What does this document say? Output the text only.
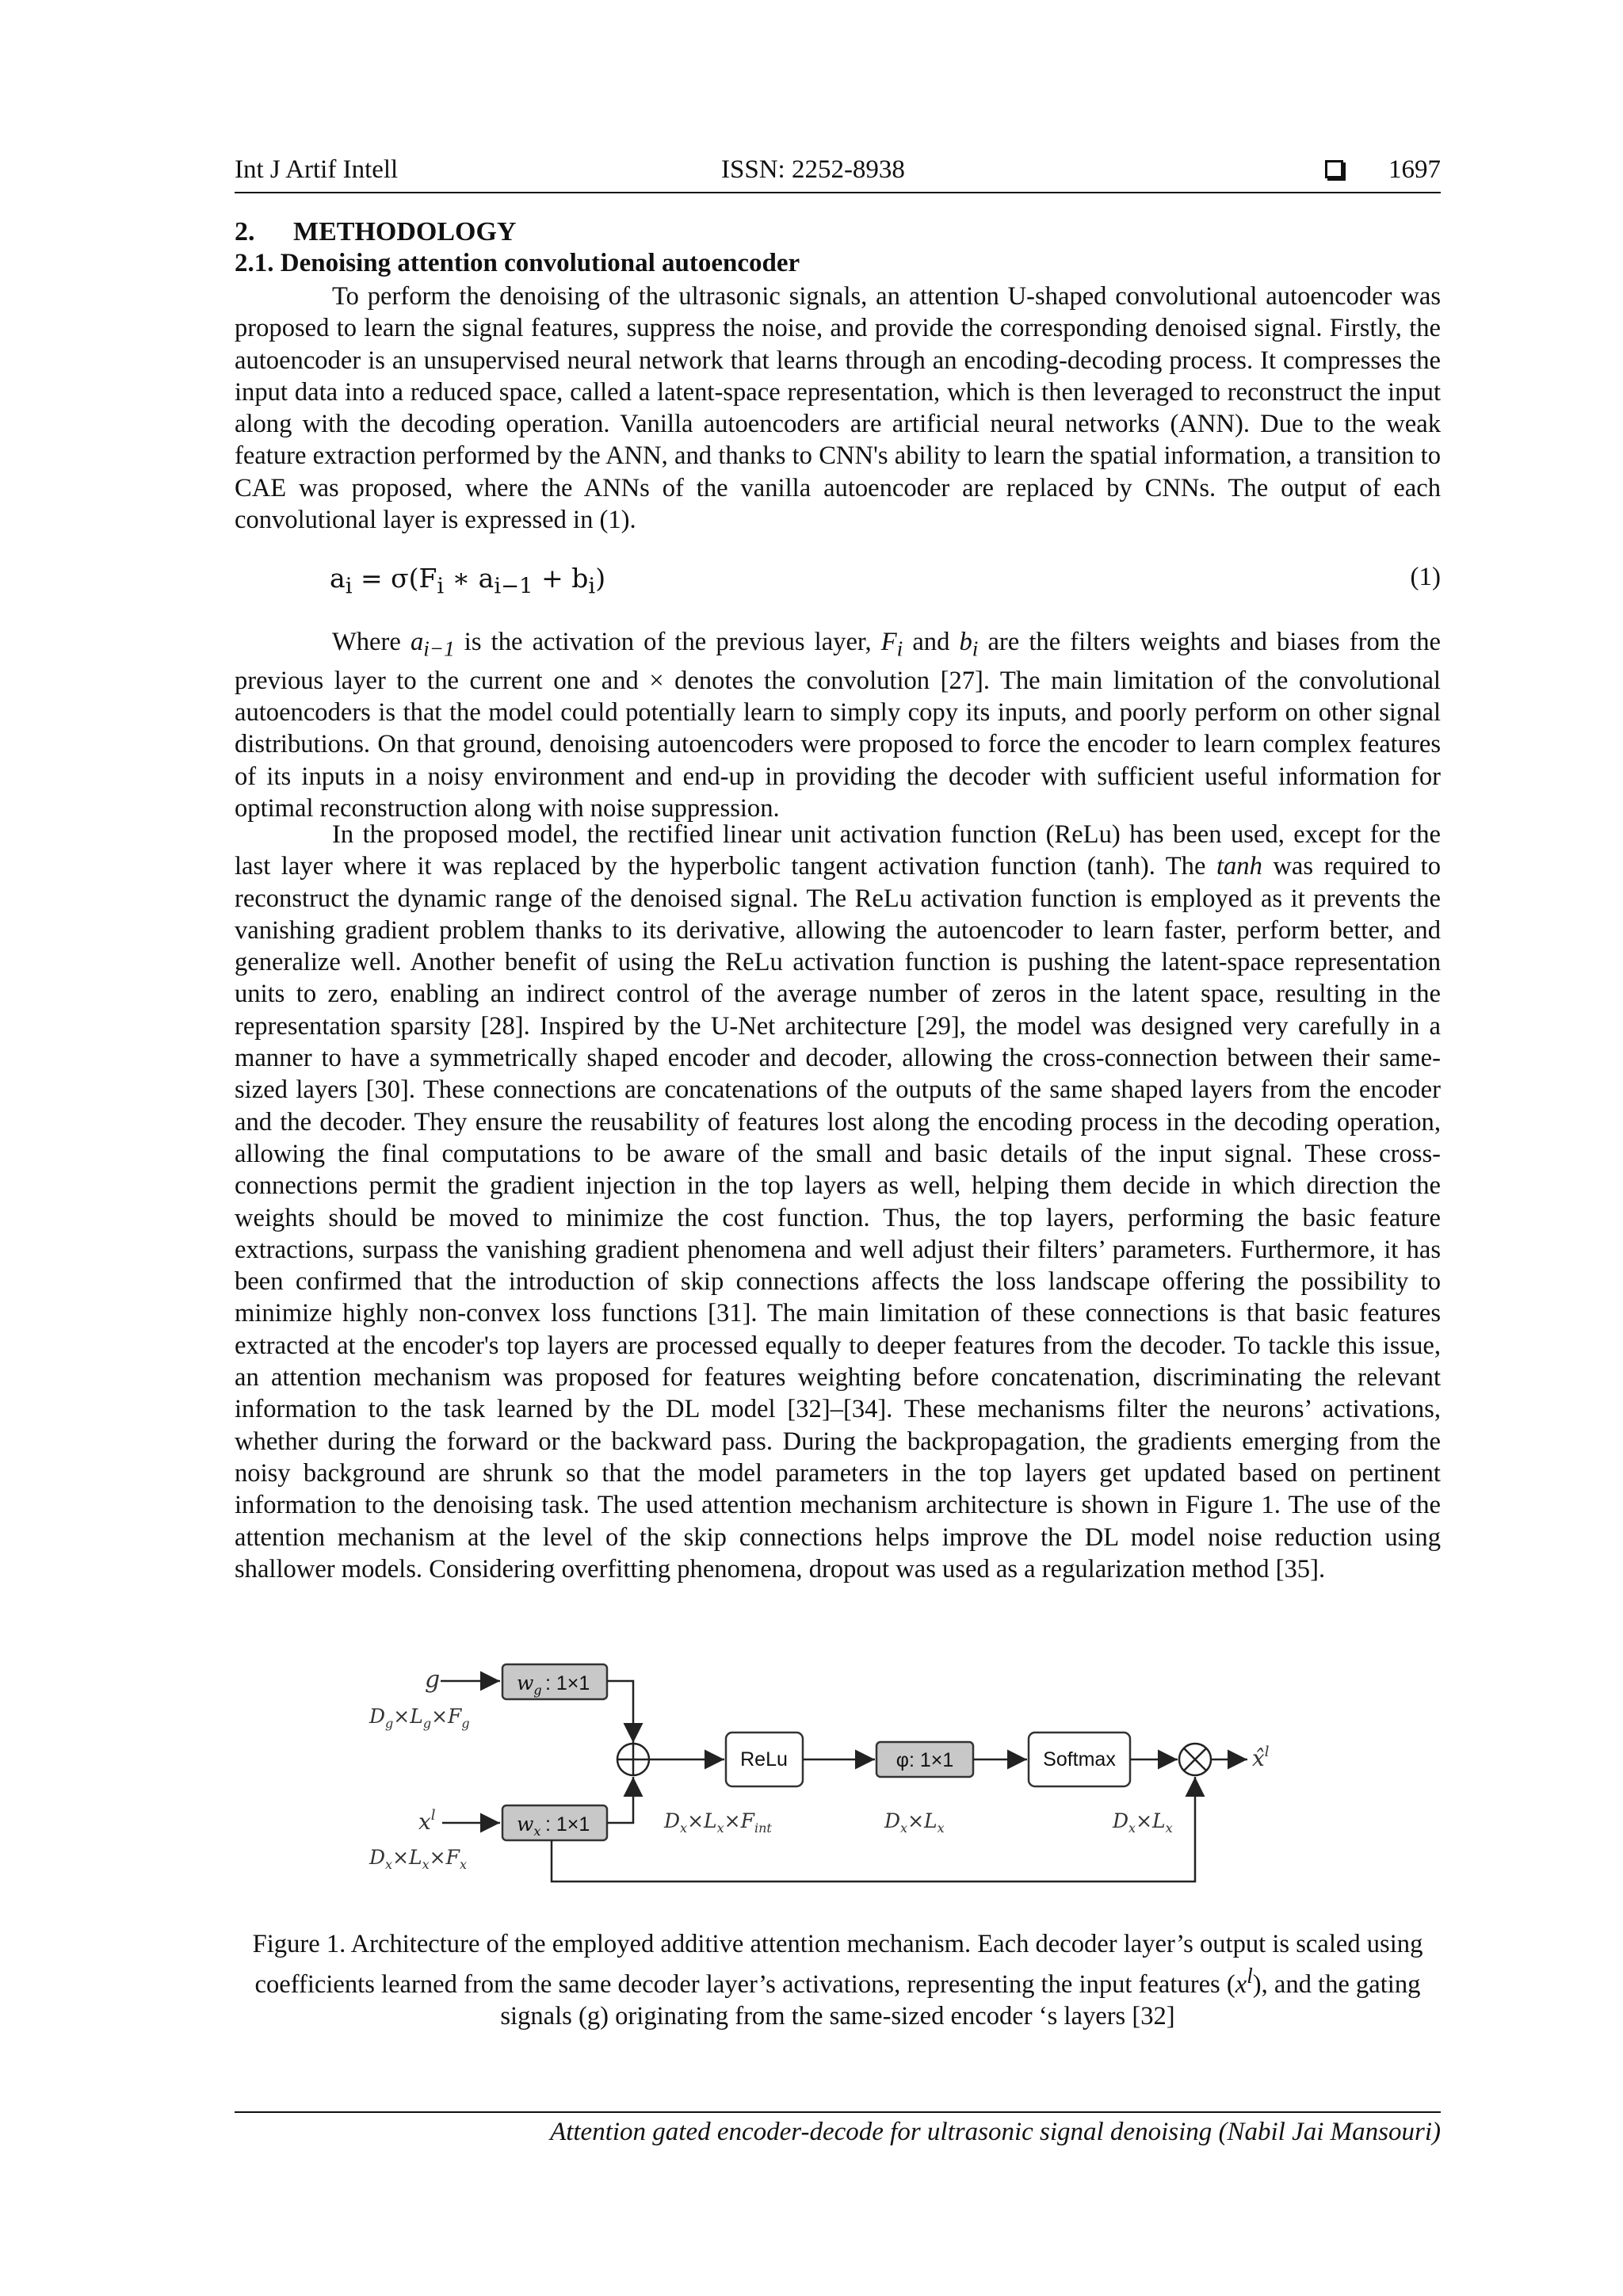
Int J Artif Intell	ISSN: 2252-8938	1697
2. METHODOLOGY
2.1. Denoising attention convolutional autoencoder

To perform the denoising of the ultrasonic signals, an attention U-shaped convolutional autoencoder was proposed to learn the signal features, suppress the noise, and provide the corresponding denoised signal. Firstly, the autoencoder is an unsupervised neural network that learns through an encoding-decoding process. It compresses the input data into a reduced space, called a latent-space representation, which is then leveraged to reconstruct the input along with the decoding operation. Vanilla autoencoders are artificial neural networks (ANN). Due to the weak feature extraction performed by the ANN, and thanks to CNN's ability to learn the spatial information, a transition to CAE was proposed, where the ANNs of the vanilla autoencoder are replaced by CNNs. The output of each convolutional layer is expressed in (1).

$a_i = \sigma(F_i$ ∗ $a_{i-1} + b_i$)	(1)

Where $a_{i-1}$ is the activation of the previous layer, $F_i$ and $b_i$ are the filters weights and biases from the previous layer to the current one and × denotes the convolution [27]. The main limitation of the convolutional autoencoders is that the model could potentially learn to simply copy its inputs, and poorly perform on other signal distributions. On that ground, denoising autoencoders were proposed to force the encoder to learn complex features of its inputs in a noisy environment and end-up in providing the decoder with sufficient useful information for optimal reconstruction along with noise suppression.

In the proposed model, the rectified linear unit activation function (ReLu) has been used, except for the last layer where it was replaced by the hyperbolic tangent activation function (tanh). The tanh was required to reconstruct the dynamic range of the denoised signal. The ReLu activation function is employed as it prevents the vanishing gradient problem thanks to its derivative, allowing the autoencoder to learn faster, perform better, and generalize well. Another benefit of using the ReLu activation function is pushing the latent-space representation units to zero, enabling an indirect control of the average number of zeros in the latent space, resulting in the representation sparsity [28]. Inspired by the U-Net architecture [29], the model was designed very carefully in a manner to have a symmetrically shaped encoder and decoder, allowing the cross-connection between their same-sized layers [30]. These connections are concatenations of the outputs of the same shaped layers from the encoder and the decoder. They ensure the reusability of features lost along the encoding process in the decoding operation, allowing the final computations to be aware of the small and basic details of the input signal. These cross-connections permit the gradient injection in the top layers as well, helping them decide in which direction the weights should be moved to minimize the cost function. Thus, the top layers, performing the basic feature extractions, surpass the vanishing gradient phenomena and well adjust their filters’ parameters. Furthermore, it has been confirmed that the introduction of skip connections affects the loss landscape offering the possibility to minimize highly non-convex loss functions [31]. The main limitation of these connections is that basic features extracted at the encoder's top layers are processed equally to deeper features from the decoder. To tackle this issue, an attention mechanism was proposed for features weighting before concatenation, discriminating the relevant information to the task learned by the DL model [32]–[34]. These mechanisms filter the neurons’ activations, whether during the forward or the backward pass. During the backpropagation, the gradients emerging from the noisy background are shrunk so that the model parameters in the top layers get updated based on pertinent information to the denoising task. The used attention mechanism architecture is shown in Figure 1. The use of the attention mechanism at the level of the skip connections helps improve the DL model noise reduction using shallower models. Considering overfitting phenomena, dropout was used as a regularization method [35].

g	$w_g$ : 1×1
$D_g\times L_g\times F_g$
$x^l$	$w_x$ : 1×1
$D_x\times L_x\times F_x$
ReLu
$D_x\times L_x\times F_{int}$
φ: 1×1
$D_x\times L_x$
Softmax
$D_x\times L_x$
x̂$^l$

Figure 1. Architecture of the employed additive attention mechanism. Each decoder layer’s output is scaled using coefficients learned from the same decoder layer’s activations, representing the input features $(x^l)$, and the gating signals (g) originating from the same-sized encoder ‘s layers [32]

Attention gated encoder-decode for ultrasonic signal denoising (Nabil Jai Mansouri)
